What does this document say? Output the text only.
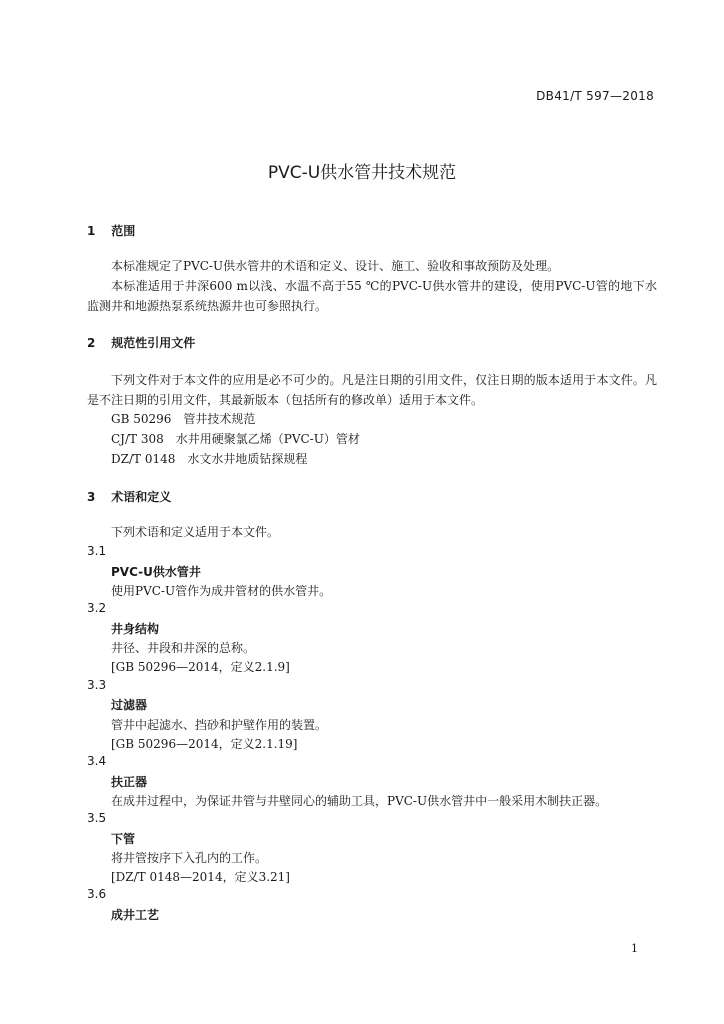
DB41/T 597—2018
PVC-U供水管井技术规范
1 范围
本标准规定了PVC-U供水管井的术语和定义、设计、施工、验收和事故预防及处理。
本标准适用于井深600 m以浅、水温不高于55 ℃的PVC-U供水管井的建设，使用PVC-U管的地下水监测井和地源热泵系统热源井也可参照执行。
2 规范性引用文件
下列文件对于本文件的应用是必不可少的。凡是注日期的引用文件，仅注日期的版本适用于本文件。凡是不注日期的引用文件，其最新版本（包括所有的修改单）适用于本文件。
GB 50296　管井技术规范
CJ/T 308　水井用硬聚氯乙烯（PVC-U）管材
DZ/T 0148　水文水井地质钻探规程
3 术语和定义
下列术语和定义适用于本文件。
3.1
PVC-U供水管井
使用PVC-U管作为成井管材的供水管井。
3.2
井身结构
井径、井段和井深的总称。
[GB 50296—2014，定义2.1.9]
3.3
过滤器
管井中起滤水、挡砂和护壁作用的装置。
[GB 50296—2014，定义2.1.19]
3.4
扶正器
在成井过程中，为保证井管与井壁同心的辅助工具，PVC-U供水管井中一般采用木制扶正器。
3.5
下管
将井管按序下入孔内的工作。
[DZ/T 0148—2014，定义3.21]
3.6
成井工艺
1
